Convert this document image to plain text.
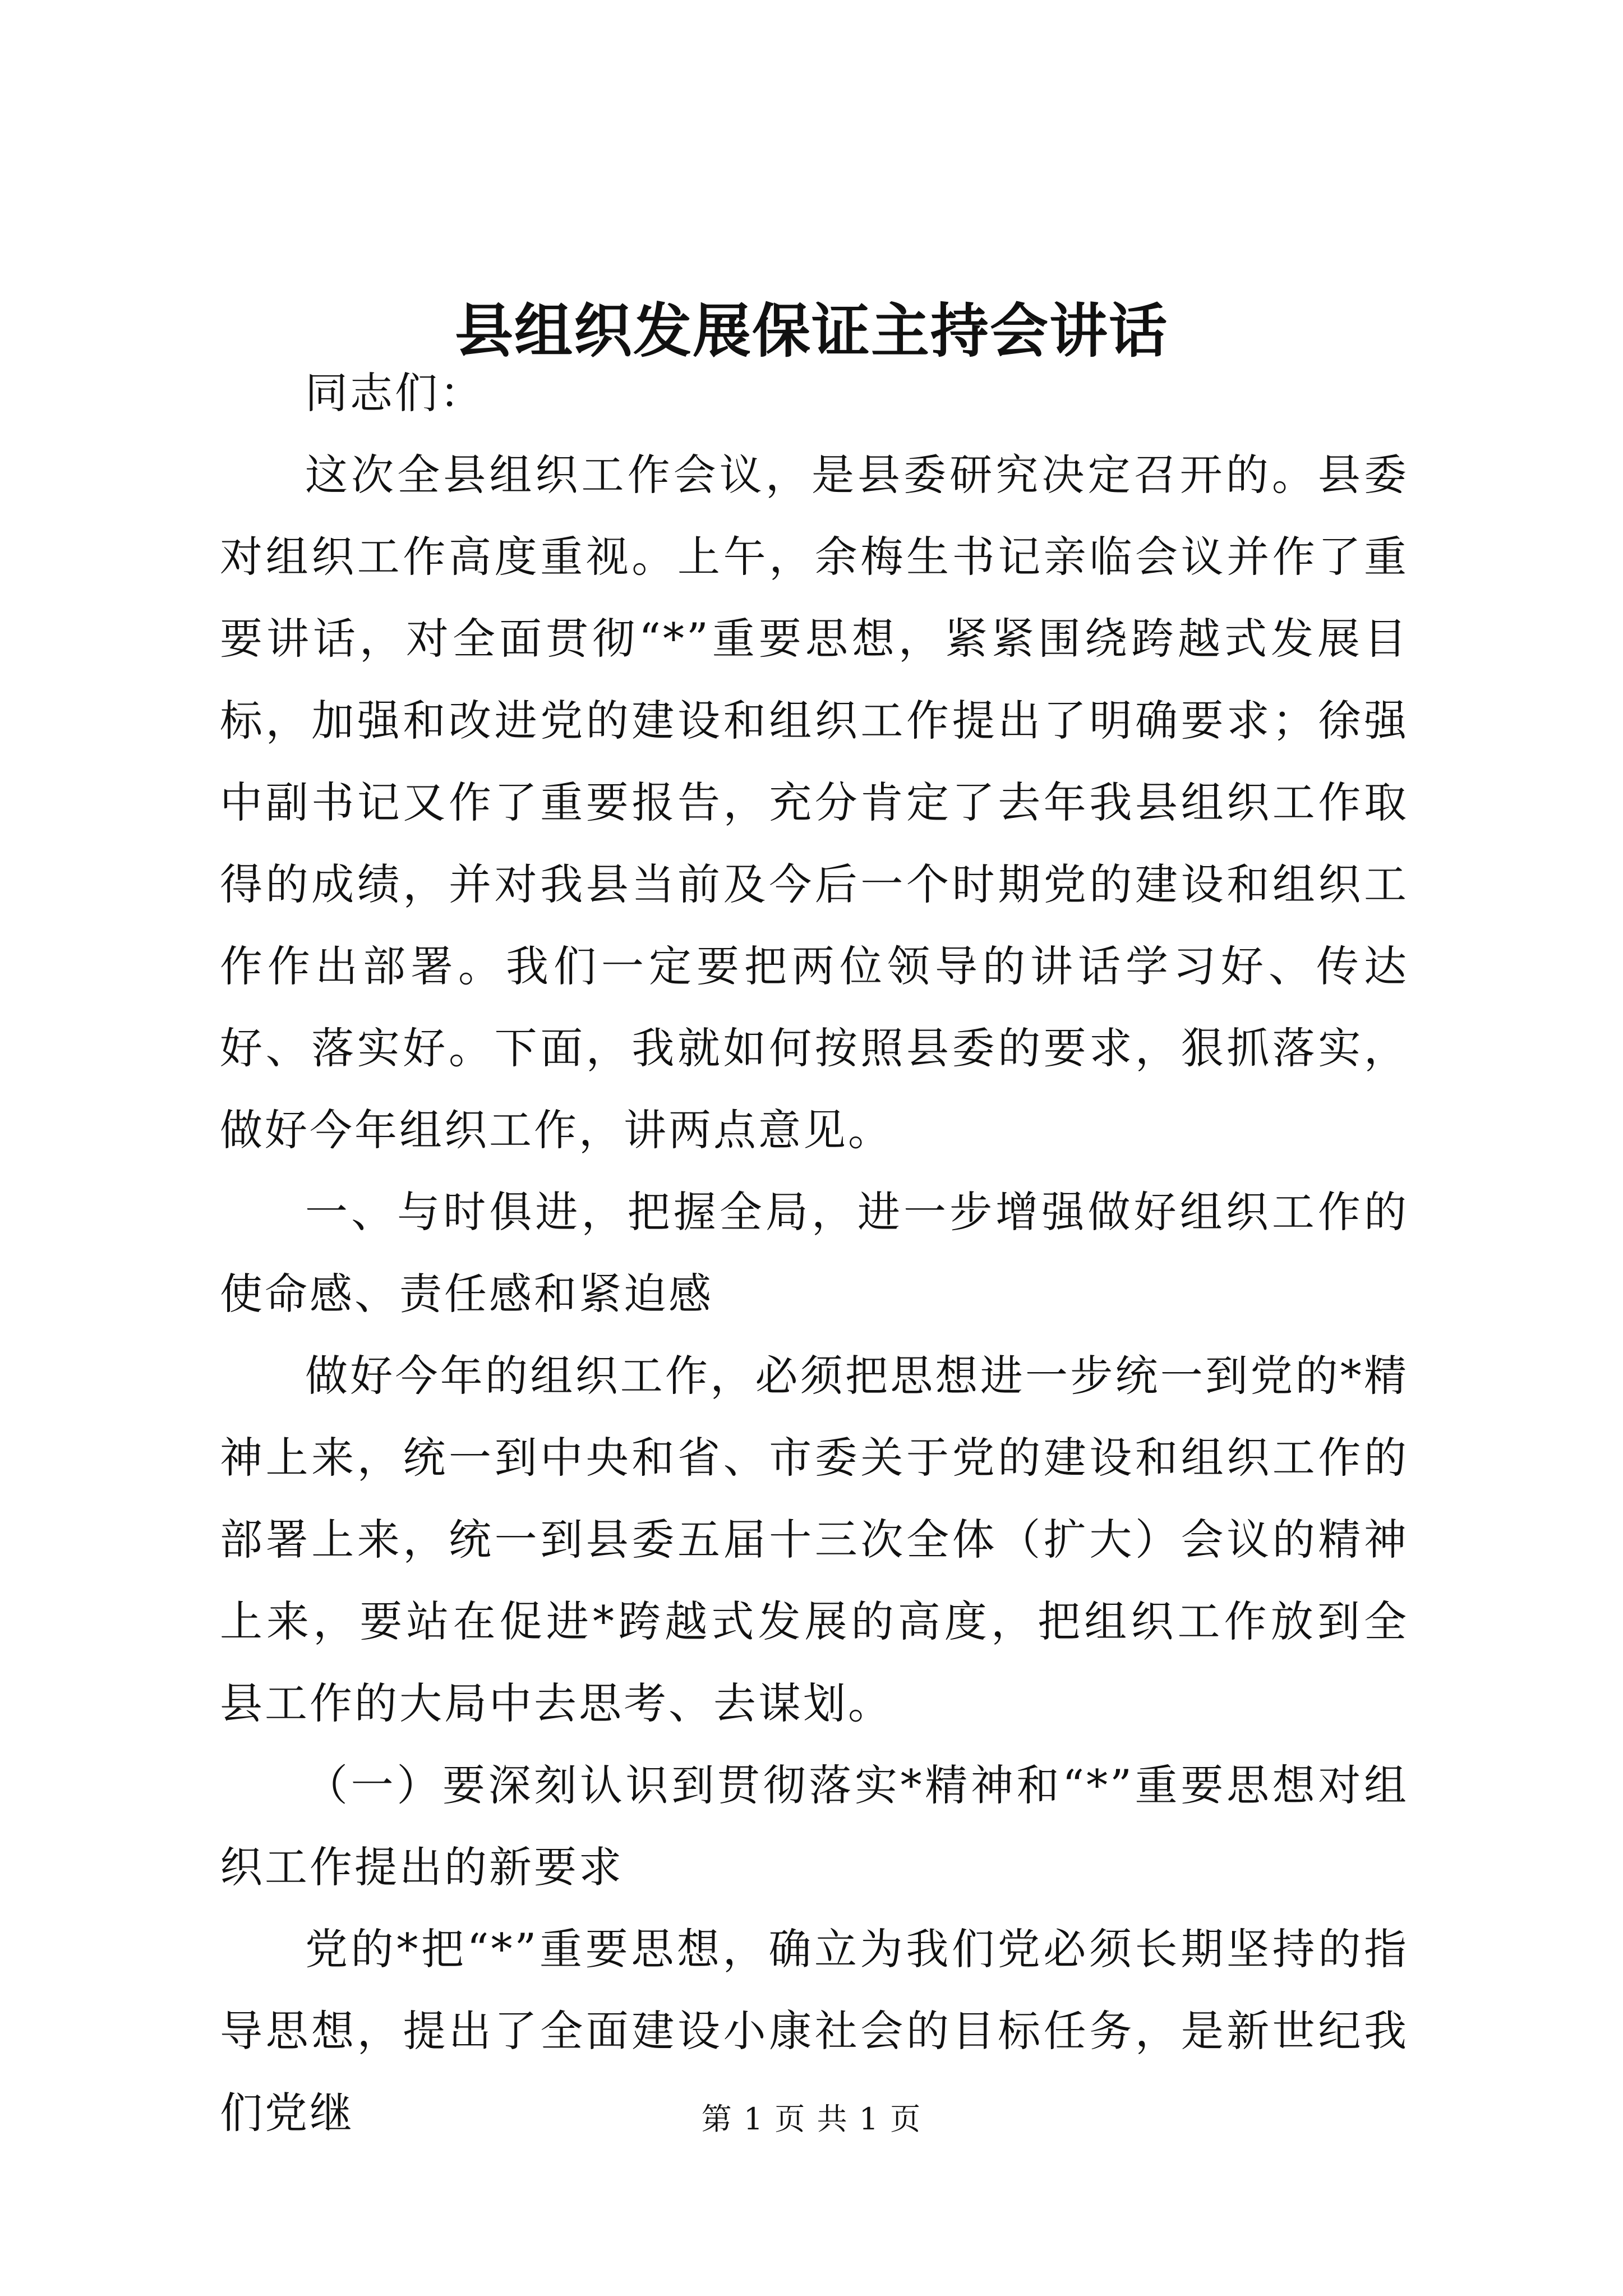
县组织发展保证主持会讲话

同志们：

这次全县组织工作会议，是县委研究决定召开的。县委对组织工作高度重视。上午，余梅生书记亲临会议并作了重要讲话，对全面贯彻“*”重要思想，紧紧围绕跨越式发展目标，加强和改进党的建设和组织工作提出了明确要求；徐强中副书记又作了重要报告，充分肯定了去年我县组织工作取得的成绩，并对我县当前及今后一个时期党的建设和组织工作作出部署。我们一定要把两位领导的讲话学习好、传达好、落实好。下面，我就如何按照县委的要求，狠抓落实，做好今年组织工作，讲两点意见。

一、与时俱进，把握全局，进一步增强做好组织工作的使命感、责任感和紧迫感

做好今年的组织工作，必须把思想进一步统一到党的*精神上来，统一到中央和省、市委关于党的建设和组织工作的部署上来，统一到县委五届十三次全体（扩大）会议的精神上来，要站在促进*跨越式发展的高度，把组织工作放到全县工作的大局中去思考、去谋划。

（一）要深刻认识到贯彻落实*精神和“*”重要思想对组织工作提出的新要求

党的*把“*”重要思想，确立为我们党必须长期坚持的指导思想，提出了全面建设小康社会的目标任务，是新世纪我们党继	第 1 页 共 1 页
